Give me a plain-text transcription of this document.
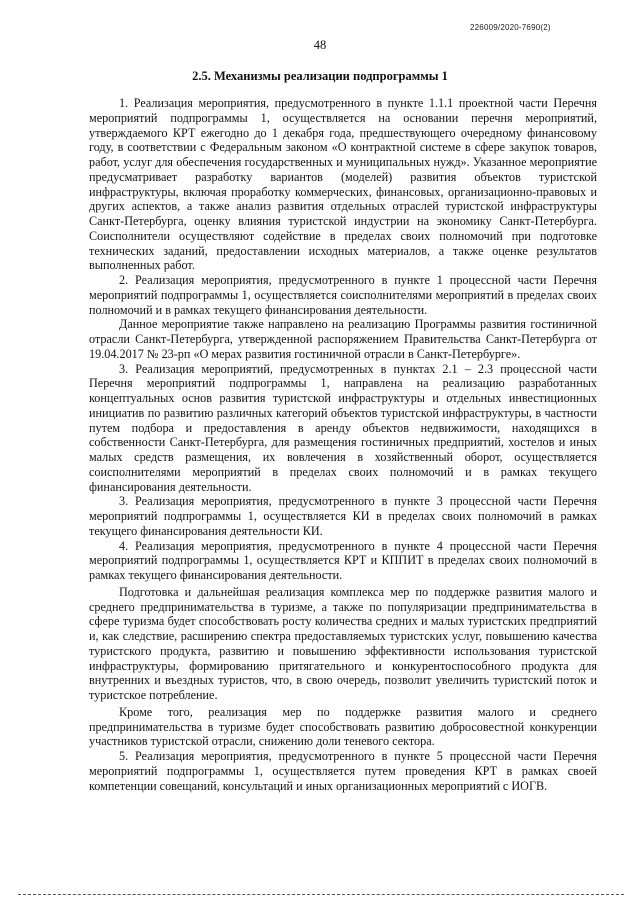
226009/2020-7690(2)
48
2.5. Механизмы реализации подпрограммы 1

1. Реализация мероприятия, предусмотренного в пункте 1.1.1 проектной части Перечня мероприятий подпрограммы 1, осуществляется на основании перечня мероприятий, утверждаемого КРТ ежегодно до 1 декабря года, предшествующего очередному финансовому году, в соответствии с Федеральным законом «О контрактной системе в сфере закупок товаров, работ, услуг для обеспечения государственных и муниципальных нужд». Указанное мероприятие предусматривает разработку вариантов (моделей) развития объектов туристской инфраструктуры, включая проработку коммерческих, финансовых, организационно-правовых и других аспектов, а также анализ развития отдельных отраслей туристской инфраструктуры Санкт-Петербурга, оценку влияния туристской индустрии на экономику Санкт-Петербурга. Соисполнители осуществляют содействие в пределах своих полномочий при подготовке технических заданий, предоставлении исходных материалов, а также оценке результатов выполненных работ.

2. Реализация мероприятия, предусмотренного в пункте 1 процессной части Перечня мероприятий подпрограммы 1, осуществляется соисполнителями мероприятий в пределах своих полномочий и в рамках текущего финансирования деятельности.

Данное мероприятие также направлено на реализацию Программы развития гостиничной отрасли Санкт-Петербурга, утвержденной распоряжением Правительства Санкт-Петербурга от 19.04.2017 № 23-рп «О мерах развития гостиничной отрасли в Санкт-Петербурге».

3. Реализация мероприятий, предусмотренных в пунктах 2.1 – 2.3 процессной части Перечня мероприятий подпрограммы 1, направлена на реализацию разработанных концептуальных основ развития туристской инфраструктуры и отдельных инвестиционных инициатив по развитию различных категорий объектов туристской инфраструктуры, в частности путем подбора и предоставления в аренду объектов недвижимости, находящихся в собственности Санкт-Петербурга, для размещения гостиничных предприятий, хостелов и иных малых средств размещения, их вовлечения в хозяйственный оборот, осуществляется соисполнителями мероприятий в пределах своих полномочий и в рамках текущего финансирования деятельности.

3. Реализация мероприятия, предусмотренного в пункте 3 процессной части Перечня мероприятий подпрограммы 1, осуществляется КИ в пределах своих полномочий в рамках текущего финансирования деятельности КИ.

4. Реализация мероприятия, предусмотренного в пункте 4 процессной части Перечня мероприятий подпрограммы 1, осуществляется КРТ и КППИТ в пределах своих полномочий в рамках текущего финансирования деятельности.

Подготовка и дальнейшая реализация комплекса мер по поддержке развития малого и среднего предпринимательства в туризме, а также по популяризации предпринимательства в сфере туризма будет способствовать росту количества средних и малых туристских предприятий и, как следствие, расширению спектра предоставляемых туристских услуг, повышению качества туристского продукта, развитию и повышению эффективности использования туристской инфраструктуры, формированию притягательного и конкурентоспособного продукта для внутренних и въездных туристов, что, в свою очередь, позволит увеличить туристский поток и туристское потребление.

Кроме того, реализация мер по поддержке развития малого и среднего предпринимательства в туризме будет способствовать развитию добросовестной конкуренции участников туристской отрасли, снижению доли теневого сектора.

5. Реализация мероприятия, предусмотренного в пункте 5 процессной части Перечня мероприятий подпрограммы 1, осуществляется путем проведения КРТ в рамках своей компетенции совещаний, консультаций и иных организационных мероприятий с ИОГВ.
